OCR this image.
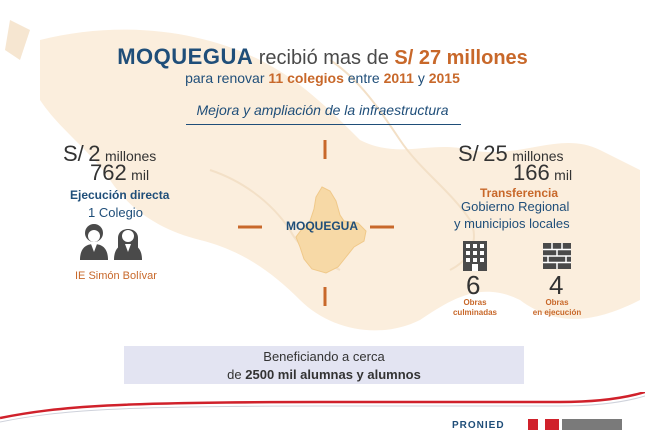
MOQUEGUA recibió mas de S/ 27 millones
para renovar 11 colegios entre 2011 y 2015
Mejora y ampliación de la infraestructura
MOQUEGUA
S/ 2 millones
762 mil
Ejecución directa
1 Colegio
IE Simón Bolívar
S/ 25 millones
166 mil
Transferencia
Gobierno Regional
y municipios locales
6
Obras
culminadas
4
Obras
en ejecución
Beneficiando a cerca
de 2500 mil alumnas y alumnos
PRONIED
